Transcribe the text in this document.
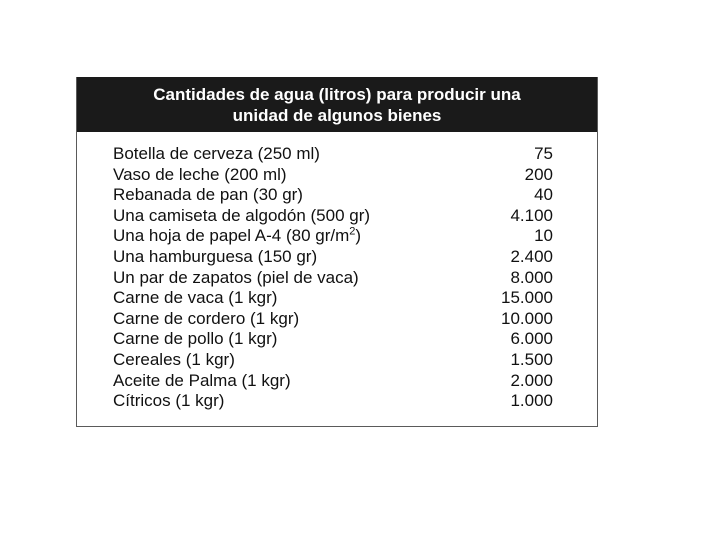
Cantidades de agua (litros) para producir una
unidad de algunos bienes
Botella de cerveza (250 ml)	75
Vaso de leche (200 ml)	200
Rebanada de pan (30 gr)	40
Una camiseta de algodón (500 gr)	4.100
Una hoja de papel A-4 (80 $gr/m^2$)	10
Una hamburguesa (150 gr)	2.400
Un par de zapatos (piel de vaca)	8.000
Carne de vaca (1 kgr)	15.000
Carne de cordero (1 kgr)	10.000
Carne de pollo (1 kgr)	6.000
Cereales (1 kgr)	1.500
Aceite de Palma (1 kgr)	2.000
Cítricos (1 kgr)	1.000
